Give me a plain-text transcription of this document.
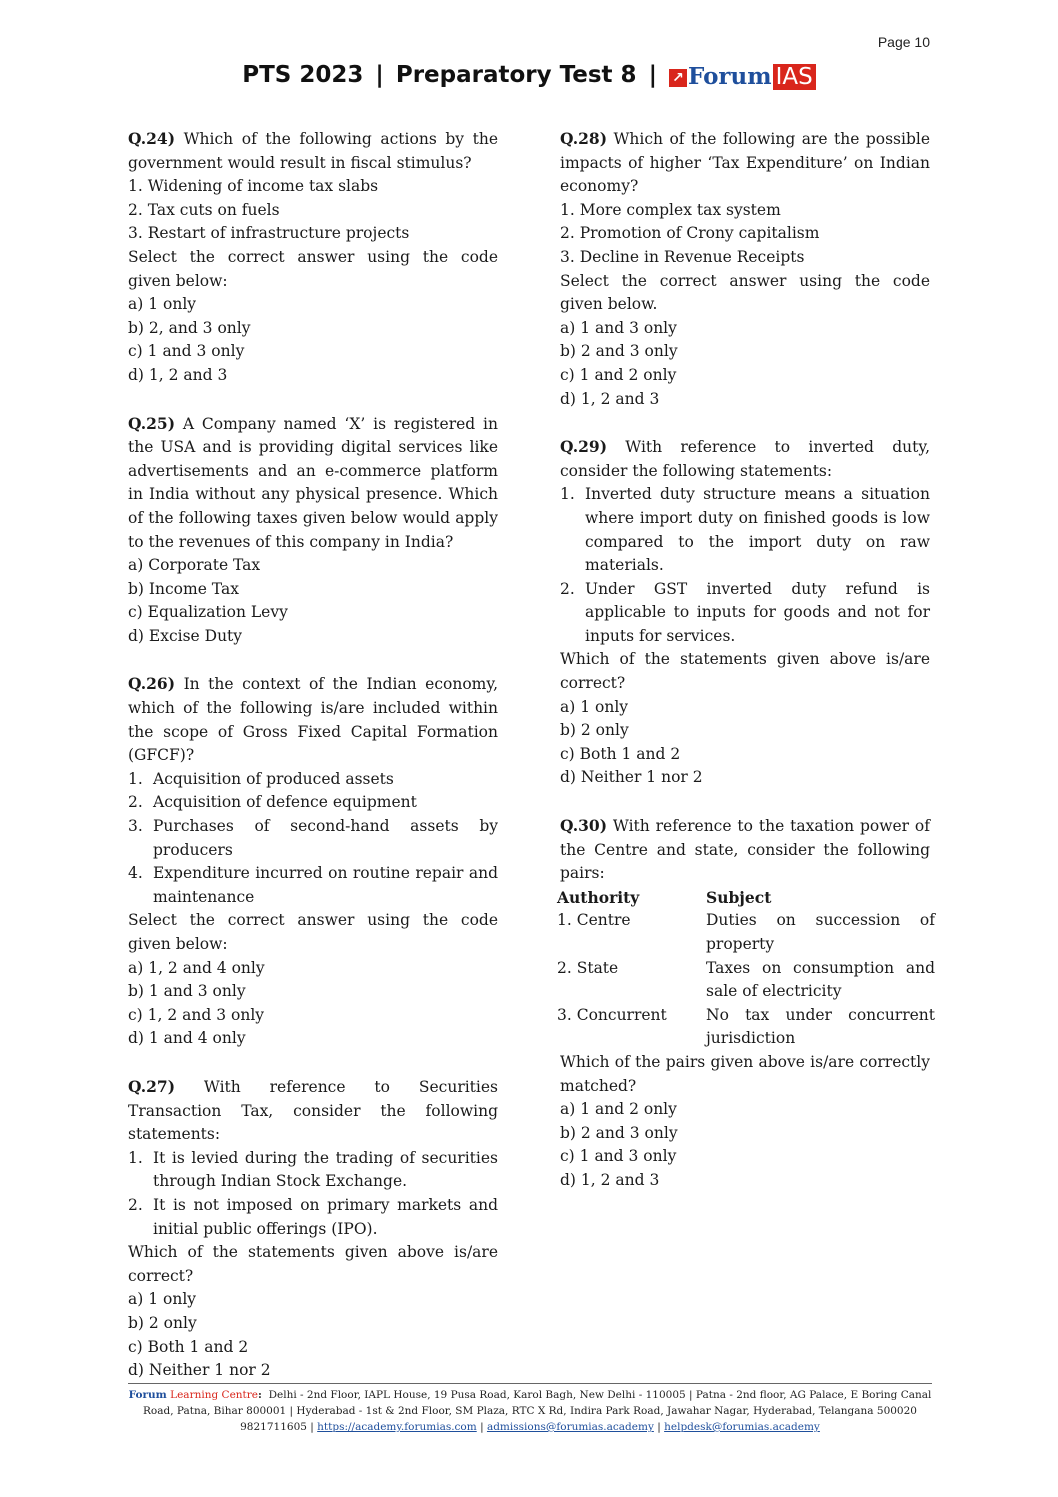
Page 10
PTS 2023 | Preparatory Test 8 | ↗ Forum IAS

Q.24) Which of the following actions by the government would result in fiscal stimulus?

1. Widening of income tax slabs
2. Tax cuts on fuels
3. Restart of infrastructure projects

Select the correct answer using the code given below:

a) 1 only
b) 2, and 3 only
c) 1 and 3 only
d) 1, 2 and 3

Q.25) A Company named ‘X’ is registered in the USA and is providing digital services like advertisements and an e-commerce platform in India without any physical presence. Which of the following taxes given below would apply to the revenues of this company in India?

a) Corporate Tax
b) Income Tax
c) Equalization Levy
d) Excise Duty

Q.26) In the context of the Indian economy, which of the following is/are included within the scope of Gross Fixed Capital Formation (GFCF)?

1. Acquisition of produced assets
2. Acquisition of defence equipment
3. Purchases of second-hand assets by producers
4. Expenditure incurred on routine repair and maintenance

Select the correct answer using the code given below:

a) 1, 2 and 4 only
b) 1 and 3 only
c) 1, 2 and 3 only
d) 1 and 4 only

Q.27) With reference to Securities Transaction Tax, consider the following statements:

1. It is levied during the trading of securities through Indian Stock Exchange.
2. It is not imposed on primary markets and initial public offerings (IPO).

Which of the statements given above is/are correct?

a) 1 only
b) 2 only
c) Both 1 and 2
d) Neither 1 nor 2

Q.28) Which of the following are the possible impacts of higher ‘Tax Expenditure’ on Indian economy?

1. More complex tax system
2. Promotion of Crony capitalism
3. Decline in Revenue Receipts

Select the correct answer using the code given below.

a) 1 and 3 only
b) 2 and 3 only
c) 1 and 2 only
d) 1, 2 and 3

Q.29) With reference to inverted duty, consider the following statements:

1. Inverted duty structure means a situation where import duty on finished goods is low compared to the import duty on raw materials.
2. Under GST inverted duty refund is applicable to inputs for goods and not for inputs for services.

Which of the statements given above is/are correct?

a) 1 only
b) 2 only
c) Both 1 and 2
d) Neither 1 nor 2

Q.30) With reference to the taxation power of the Centre and state, consider the following pairs:

Authority	Subject
1. Centre	Duties on succession of property
2. State	Taxes on consumption and sale of electricity
3. Concurrent	No tax under concurrent jurisdiction

Which of the pairs given above is/are correctly matched?

a) 1 and 2 only
b) 2 and 3 only
c) 1 and 3 only
d) 1, 2 and 3
Forum Learning Centre: Delhi - 2nd Floor, IAPL House, 19 Pusa Road, Karol Bagh, New Delhi - 110005 | Patna - 2nd floor, AG Palace, E Boring Canal
Road, Patna, Bihar 800001 | Hyderabad - 1st & 2nd Floor, SM Plaza, RTC X Rd, Indira Park Road, Jawahar Nagar, Hyderabad, Telangana 500020
9821711605 | https://academy.forumias.com | admissions@forumias.academy | helpdesk@forumias.academy
